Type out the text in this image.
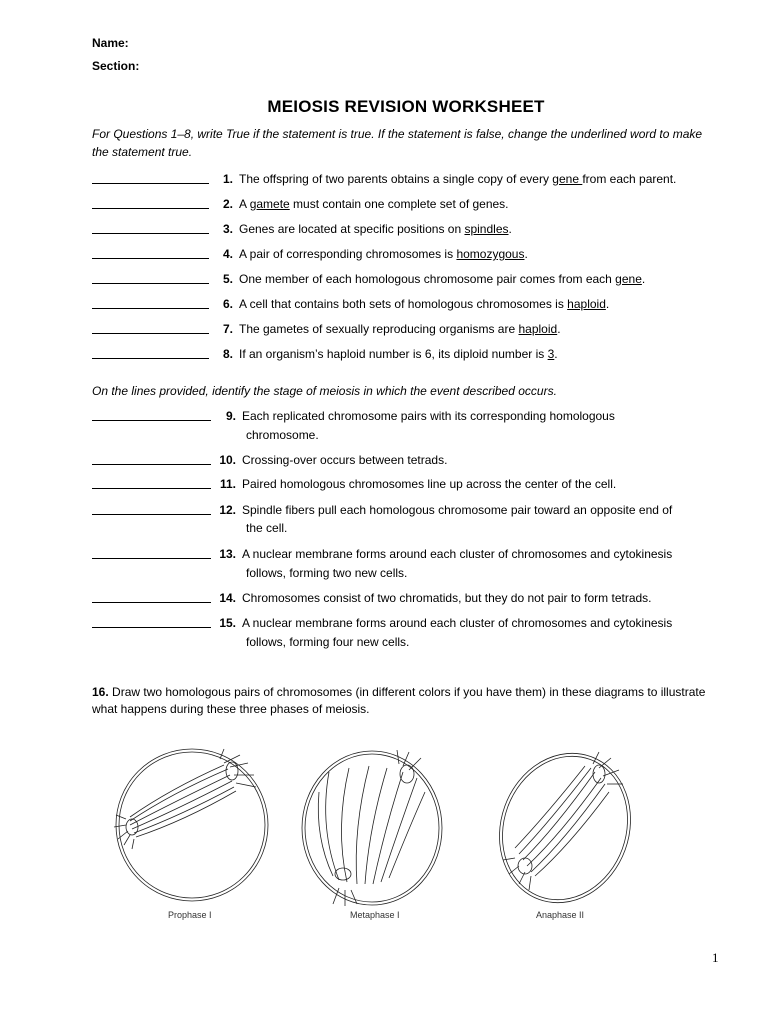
Name:
Section:
MEIOSIS REVISION WORKSHEET
For Questions 1–8, write True if the statement is true. If the statement is false, change the underlined word to make the statement true.
1. The offspring of two parents obtains a single copy of every gene from each parent.
2. A gamete must contain one complete set of genes.
3. Genes are located at specific positions on spindles.
4. A pair of corresponding chromosomes is homozygous.
5. One member of each homologous chromosome pair comes from each gene.
6. A cell that contains both sets of homologous chromosomes is haploid.
7. The gametes of sexually reproducing organisms are haploid.
8. If an organism’s haploid number is 6, its diploid number is 3.
On the lines provided, identify the stage of meiosis in which the event described occurs.
9. Each replicated chromosome pairs with its corresponding homologous
chromosome.
10. Crossing-over occurs between tetrads.
11. Paired homologous chromosomes line up across the center of the cell.
12. Spindle fibers pull each homologous chromosome pair toward an opposite end of
the cell.
13. A nuclear membrane forms around each cluster of chromosomes and cytokinesis
follows, forming two new cells.
14. Chromosomes consist of two chromatids, but they do not pair to form tetrads.
15. A nuclear membrane forms around each cluster of chromosomes and cytokinesis
follows, forming four new cells.
16. Draw two homologous pairs of chromosomes (in different colors if you have them) in these diagrams to illustrate what happens during these three phases of meiosis.
Prophase I	Metaphase I	Anaphase II
1
